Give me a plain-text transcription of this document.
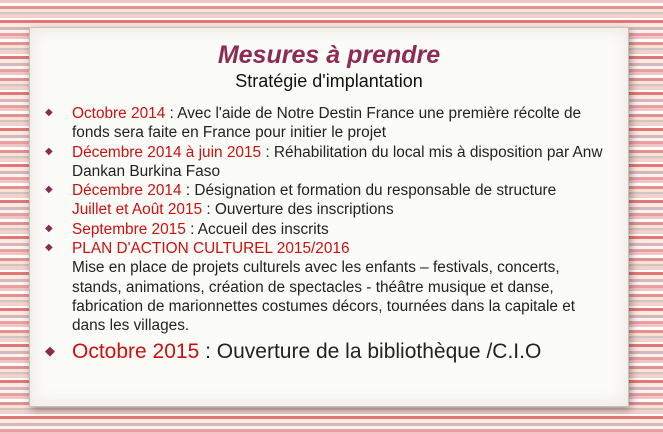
Mesures à prendre
Stratégie d'implantation
◆ Octobre 2014 : Avec l'aide de Notre Destin France une première récolte de fonds sera faite en France pour initier le projet
◆ Décembre 2014 à juin 2015 : Réhabilitation du local mis à disposition par Anw Dankan Burkina Faso
◆ Décembre 2014 : Désignation et formation du responsable de structure
Juillet et Août 2015 : Ouverture des inscriptions
◆ Septembre 2015 : Accueil des inscrits
◆ PLAN D'ACTION CULTUREL 2015/2016
Mise en place de projets culturels avec les enfants – festivals, concerts, stands, animations, création de spectacles - théâtre musique et danse, fabrication de marionnettes costumes décors, tournées dans la capitale et dans les villages.
◆ Octobre 2015 : Ouverture de la bibliothèque /C.I.O
